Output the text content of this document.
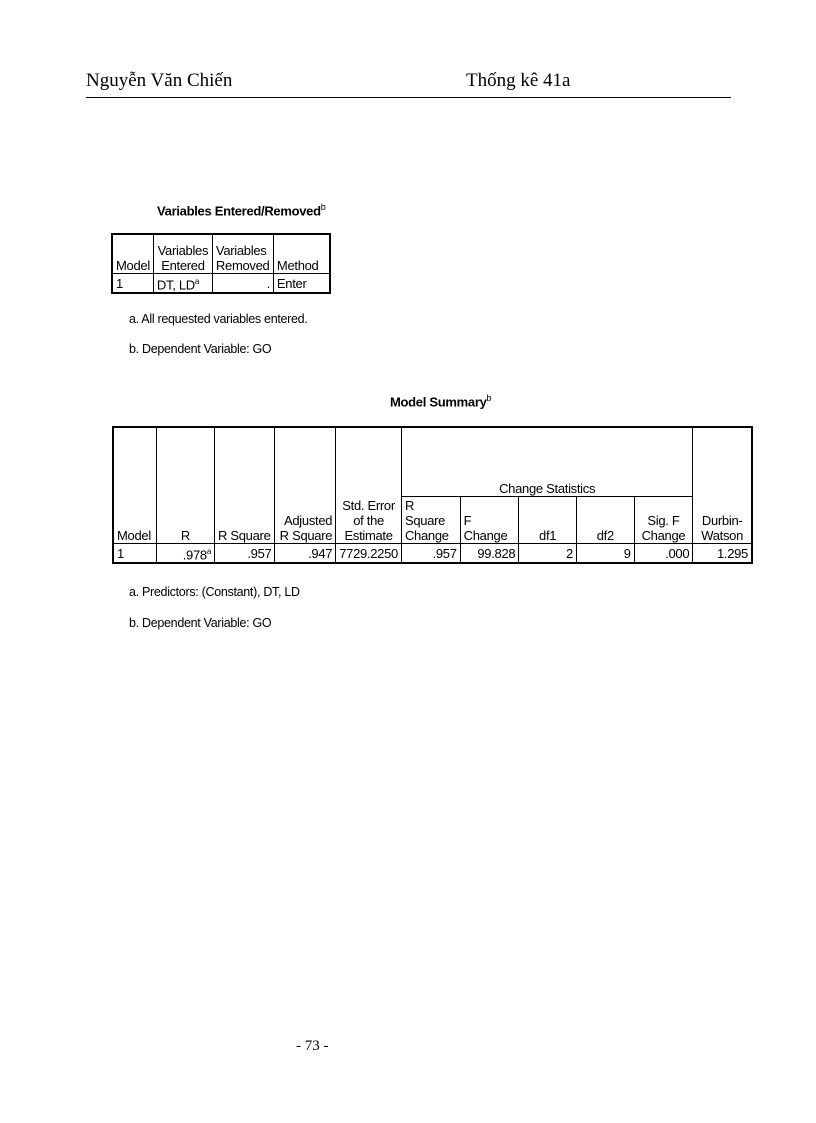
Nguyễn Văn Chiến	Thống kê 41a
Variables Entered/Removed$^b$
Model	Variables Entered	Variables Removed	Method
1	DT, $LD^a$	.	Enter
a. All requested variables entered.
b. Dependent Variable: GO
Model Summary$^b$
Model	R	R Square	Adjusted R Square	Std. Error of the Estimate	Change Statistics					Durbin-Watson
					R Square Change	F Change	df1	df2	Sig. F Change	
1	.978$^a$	.957	.947	7729.2250	.957	99.828	2	9	.000	1.295
a. Predictors: (Constant), DT, LD
b. Dependent Variable: GO
- 73 -
